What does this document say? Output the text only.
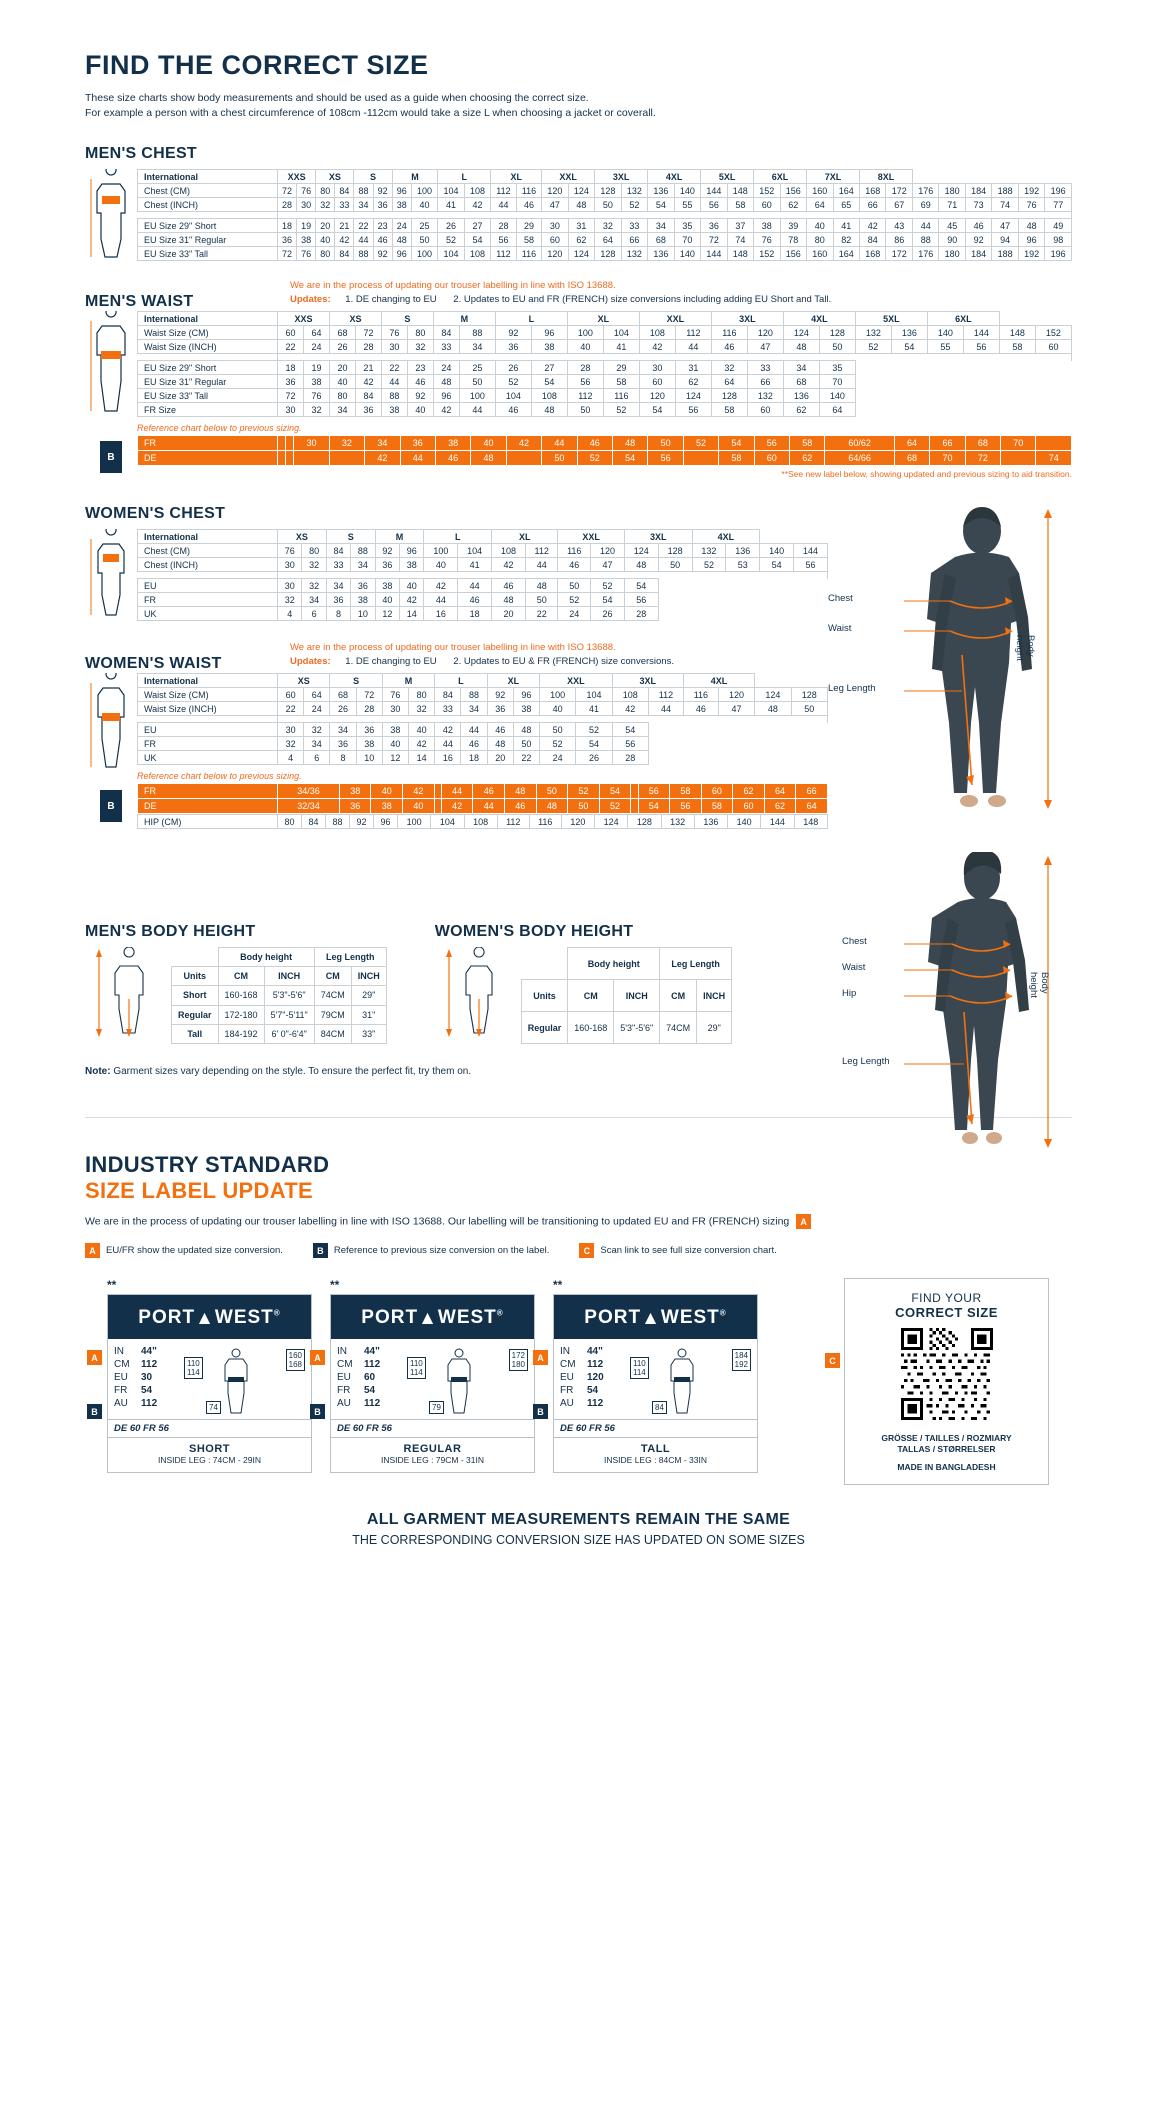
FIND THE CORRECT SIZE
These size charts show body measurements and should be used as a guide when choosing the correct size.
For example a person with a chest circumference of 108cm -112cm would take a size L when choosing a jacket or coverall.
MEN'S CHEST
International	XXS		XS		S		M		L		XL		XXL		3XL		4XL		5XL		6XL		7XL		8XL							
Chest (CM)	72	76	80	84	88	92	96	100	104	108	112	116	120	124	128	132	136	140	144	148	152	156	160	164	168	172	176	180	184	188	192	196
Chest (INCH)	28	30	32	33	34	36	38	40	41	42	44	46	47	48	50	52	54	55	56	58	60	62	64	65	66	67	69	71	73	74	76	77

EU Size 29" Short	18	19	20	21	22	23	24	25	26	27	28	29	30	31	32	33	34	35	36	37	38	39	40	41	42	43	44	45	46	47	48	49
EU Size 31" Regular	36	38	40	42	44	46	48	50	52	54	56	58	60	62	64	66	68	70	72	74	76	78	80	82	84	86	88	90	92	94	96	98
EU Size 33" Tall	72	76	80	84	88	92	96	100	104	108	112	116	120	124	128	132	136	140	144	148	152	156	160	164	168	172	176	180	184	188	192	196
MEN'S WAIST
We are in the process of updating our trouser labelling in line with ISO 13688.
Updates: 1. DE changing to EU 2. Updates to EU and FR (FRENCH) size conversions including adding EU Short and Tall.
International	XXS		XS		S		M		L		XL		XXL		3XL		4XL		5XL		6XL			
Waist Size (CM)	60	64	68	72	76	80	84	88	92	96	100	104	108	112	116	120	124	128	132	136	140	144	148	152
Waist Size (INCH)	22	24	26	28	30	32	33	34	36	38	40	41	42	44	46	47	48	50	52	54	55	56	58	60

EU Size 29" Short	18	19	20	21	22	23	24	25	26	27	28	29	30	31	32	33	34	35						
EU Size 31" Regular	36	38	40	42	44	46	48	50	52	54	56	58	60	62	64	66	68	70						
EU Size 33" Tall	72	76	80	84	88	92	96	100	104	108	112	116	120	124	128	132	136	140						
FR Size	30	32	34	36	38	40	42	44	46	48	50	52	54	56	58	60	62	64						
Reference chart below to previous sizing.
B
FR			30	32	34	36	38	40	42	44	46	48	50	52	54	56	58	60/62	64	66	68	70	
DE					42	44	46	48		50	52	54	56		58	60	62	64/66	68	70	72		74
**See new label below, showing updated and previous sizing to aid transition.
WOMEN'S CHEST
International	XS		S		M		L		XL		XXL		3XL		4XL			
Chest (CM)	76	80	84	88	92	96	100	104	108	112	116	120	124	128	132	136	140	144
Chest (INCH)	30	32	33	34	36	38	40	41	42	44	46	47	48	50	52	53	54	56

EU	30	32	34	36	38	40	42	44	46	48	50	52	54					
FR	32	34	36	38	40	42	44	46	48	50	52	54	56					
UK	4	6	8	10	12	14	16	18	20	22	24	26	28					
WOMEN'S WAIST
We are in the process of updating our trouser labelling in line with ISO 13688.
Updates: 1. DE changing to EU 2. Updates to EU & FR (FRENCH) size conversions.
International	XS		S		M		L		XL		XXL		3XL		4XL			
Waist Size (CM)	60	64	68	72	76	80	84	88	92	96	100	104	108	112	116	120	124	128
Waist Size (INCH)	22	24	26	28	30	32	33	34	36	38	40	41	42	44	46	47	48	50

EU	30	32	34	36	38	40	42	44	46	48	50	52	54					
FR	32	34	36	38	40	42	44	46	48	50	52	54	56					
UK	4	6	8	10	12	14	16	18	20	22	24	26	28					
Reference chart below to previous sizing.
B
FR	34/36	38	40	42		44	46	48	50	52	54		56	58	60	62	64	66
DE	32/34	36	38	40		42	44	46	48	50	52		54	56	58	60	62	64
HIP (CM)	80	84	88	92	96	100	104	108	112	116	120	124	128	132	136	140	144	148
Chest
Waist
Leg Length
Body height
Chest
Waist
Hip
Leg Length
Body height
MEN'S BODY HEIGHT
	Body height		Leg Length	
Units	CM	INCH	CM	INCH
Short	160-168	5'3"-5'6"	74CM	29"
Regular	172-180	5'7"-5'11"	79CM	31"
Tall	184-192	6' 0"-6'4"	84CM	33"
WOMEN'S BODY HEIGHT
	Body height		Leg Length	
Units	CM	INCH	CM	INCH
Regular	160-168	5'3"-5'6"	74CM	29"
Note: Garment sizes vary depending on the style. To ensure the perfect fit, try them on.
INDUSTRY STANDARD
SIZE LABEL UPDATE
We are in the process of updating our trouser labelling in line with ISO 13688. Our labelling will be transitioning to updated EU and FR (FRENCH) sizing A
A	EU/FR show the updated size conversion.	B	Reference to previous size conversion on the label.	C	Scan link to see full size conversion chart.
**
PORT▲WEST®
IN	44"
CM	112
EU	30
FR	54
AU	112
110
114
160
168
74
DE 60 FR 56
SHORT
INSIDE LEG : 74CM - 29IN
A
B
**
PORT▲WEST®
IN	44"
CM	112
EU	60
FR	54
AU	112
110
114
172
180
79
DE 60 FR 56
REGULAR
INSIDE LEG : 79CM - 31IN
A
B
**
PORT▲WEST®
IN	44"
CM	112
EU	120
FR	54
AU	112
110
114
184
192
84
DE 60 FR 56
TALL
INSIDE LEG : 84CM - 33IN
A
B
C
FIND YOUR
CORRECT SIZE
GRÖSSE / TAILLES / ROZMIARY
TALLAS / STØRRELSER
MADE IN BANGLADESH
ALL GARMENT MEASUREMENTS REMAIN THE SAME
THE CORRESPONDING CONVERSION SIZE HAS UPDATED ON SOME SIZES
